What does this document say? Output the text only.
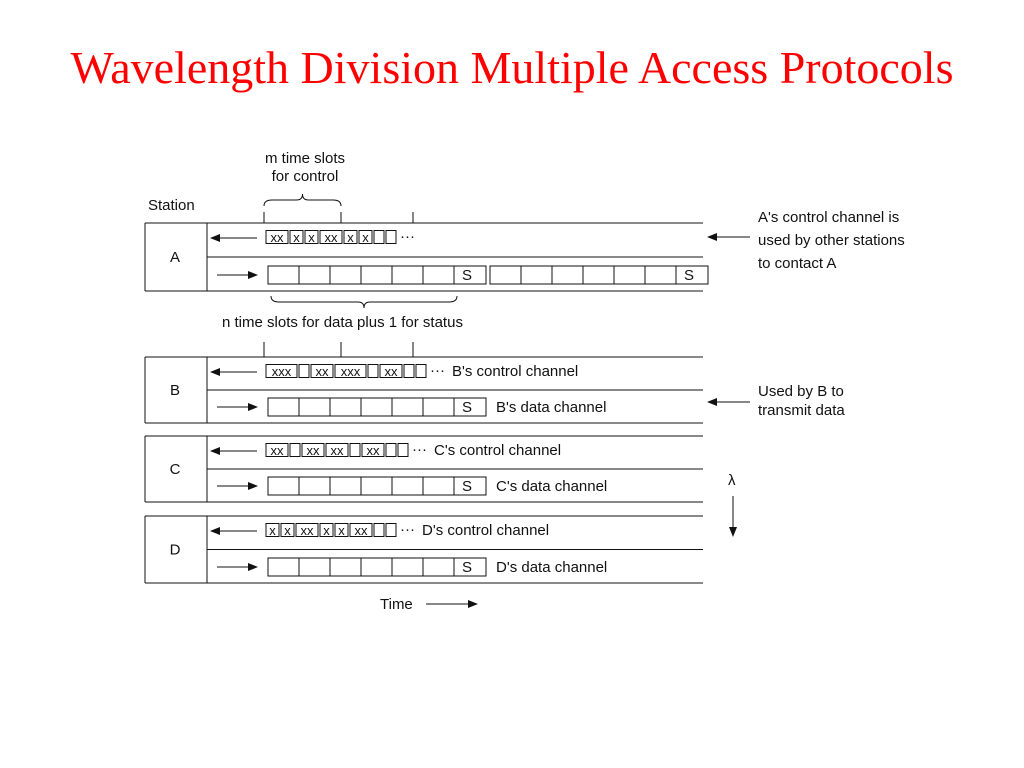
Wavelength Division Multiple Access Protocols
Station
m time slots
for control
n time slots for data plus 1 for status
Time
λ
A's control channel is
used by other stations
to contact A
Used by B to
transmit data
A
xx x x xx x x ···
S	S
B
xxx xx xxx xx ··· B's control channel
S B's data channel
C
xx xx xx xx ··· C's control channel
S C's data channel
D
x x xx x x xx ··· D's control channel
S D's data channel
